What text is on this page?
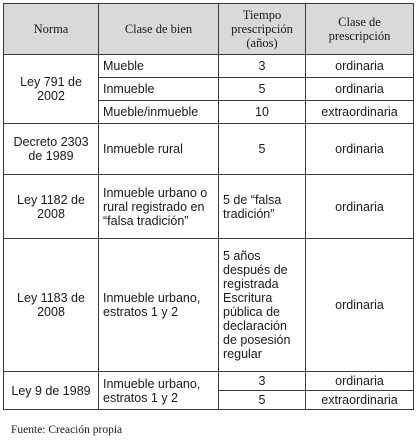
Norma	Clase de bien	Tiempo prescripción (años)	Clase de prescripción
Ley 791 de 2002	Mueble	3	ordinaria
	Inmueble	5	ordinaria
	Mueble/inmueble	10	extraordinaria
Decreto 2303 de 1989	Inmueble rural	5	ordinaria
Ley 1182 de 2008	Inmueble urbano o rural registrado en “falsa tradición”	5 de “falsa tradición”	ordinaria
Ley 1183 de 2008	Inmueble urbano, estratos 1 y 2	5 años después de registrada Escritura pública de declaración de posesión regular	ordinaria
Ley 9 de 1989	Inmueble urbano, estratos 1 y 2	3	ordinaria
		5	extraordinaria
Fuente: Creación propia
